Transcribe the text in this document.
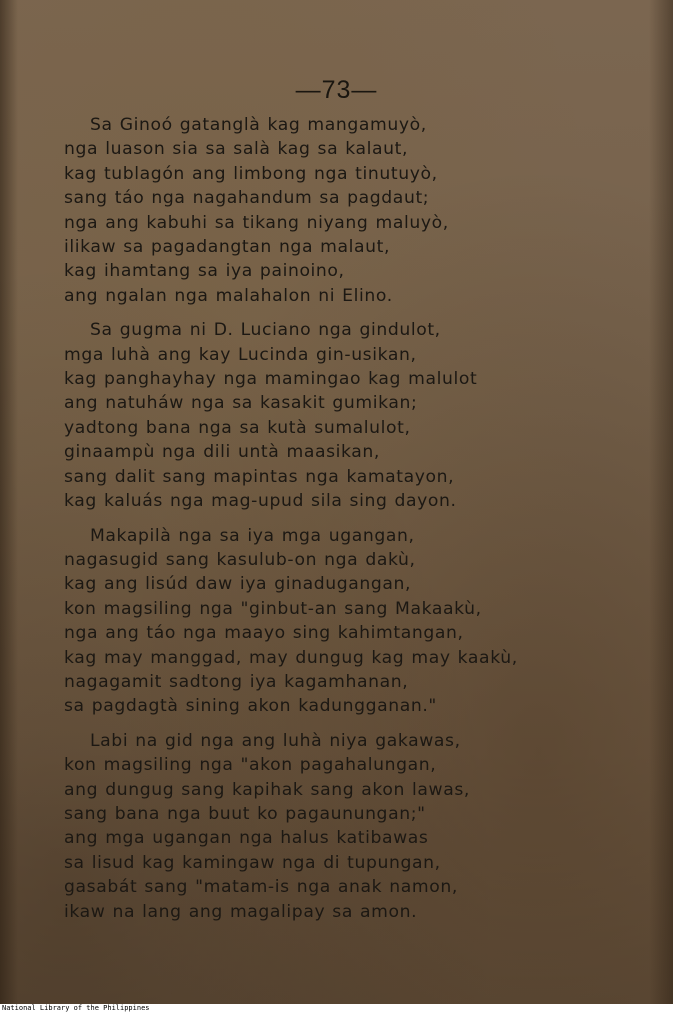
—73—
Sa Ginoó gatanglà kag mangamuyò,
nga luason sia sa salà kag sa kalaut,
kag tublagón ang limbong nga tinutuyò,
sang táo nga nagahandum sa pagdaut;
nga ang kabuhi sa tikang niyang maluyò,
ilikaw sa pagadangtan nga malaut,
kag ihamtang sa iya painoino,
ang ngalan nga malahalon ni Elino.
Sa gugma ni D. Luciano nga gindulot,
mga luhà ang kay Lucinda gin-usikan,
kag panghayhay nga mamingao kag malulot
ang natuháw nga sa kasakit gumikan;
yadtong bana nga sa kutà sumalulot,
ginaampù nga dili untà maasikan,
sang dalit sang mapintas nga kamatayon,
kag kaluás nga mag-upud sila sing dayon.
Makapilà nga sa iya mga ugangan,
nagasugid sang kasulub-on nga dakù,
kag ang lisúd daw iya ginadugangan,
kon magsiling nga "ginbut-an sang Makaakù,
nga ang táo nga maayo sing kahimtangan,
kag may manggad, may dungug kag may kaakù,
nagagamit sadtong iya kagamhanan,
sa pagdagtà sining akon kadungganan."
Labi na gid nga ang luhà niya gakawas,
kon magsiling nga "akon pagahalungan,
ang dungug sang kapihak sang akon lawas,
sang bana nga buut ko pagaunungan;"
ang mga ugangan nga halus katibawas
sa lisud kag kamingaw nga di tupungan,
gasabát sang "matam-is nga anak namon,
ikaw na lang ang magalipay sa amon.
National Library of the Philippines
